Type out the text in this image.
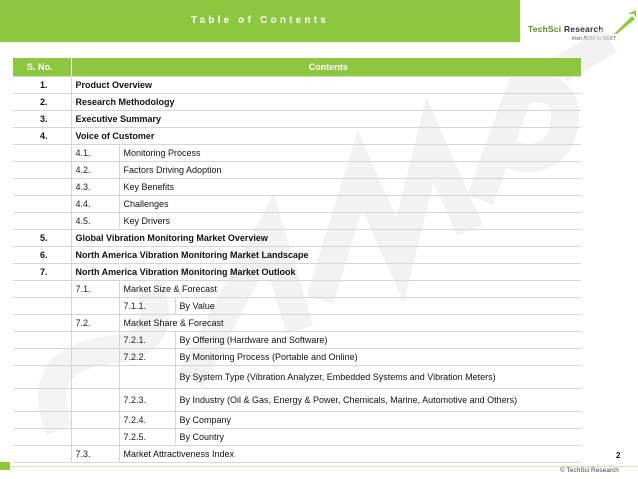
Table of Contents
TechSci Research
from NOW to NEXT
S. No.	Contents		
1.	Product Overview		
2.	Research Methodology		
3.	Executive Summary		
4.	Voice of Customer		
	4.1.	Monitoring Process	
	4.2.	Factors Driving Adoption	
	4.3.	Key Benefits	
	4.4.	Challenges	
	4.5.	Key Drivers	
5.	Global Vibration Monitoring Market Overview		
6.	North America Vibration Monitoring Market Landscape		
7.	North America Vibration Monitoring Market Outlook		
	7.1.	Market Size & Forecast	
		7.1.1.	By Value
	7.2.	Market Share & Forecast	
		7.2.1.	By Offering (Hardware and Software)
		7.2.2.	By Monitoring Process (Portable and Online)
			By System Type (Vibration Analyzer, Embedded Systems and Vibration Meters)
		7.2.3.	By Industry (Oil & Gas, Energy & Power, Chemicals, Marine, Automotive and Others)
		7.2.4.	By Company
		7.2.5.	By Country
	7.3.	Market Attractiveness Index		2
© TechSci Research
